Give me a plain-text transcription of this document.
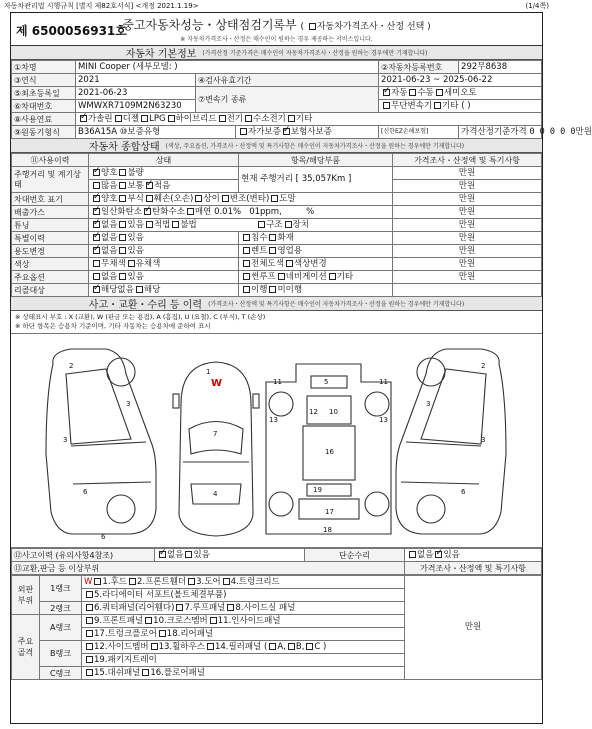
자동차관리법 시행규칙 [별지 제82호서식] <개정 2021.1.19>	(1/4쪽)
중고자동차성능・상태점검기록부 ( 자동차가격조사・산정 선택 )
제 6500056931호
※ 자동차가격조사・산정은 매수인이 원하는 경우 제공하는 서비스입니다.
자동차 기본정보 (가격산정 기준가격은 매수인이 자동차가격조사・산정을 원하는 경우에만 기재합니다)
①차명	MINI Cooper (세부모델: )			②자동차등록번호	292무8638
③연식	2021	④검사유효기간		2021-06-23 ~ 2025-06-22	
⑤최초등록일	2021-06-23	⑦변속기 종류	✓자동 수동 세미오토
⑥차대번호	WMWXR7109M2N63230			무단변속기 기타 ( )	
⑧사용연료	✓가솔린 디젤 LPG 하이브리드 전기 수소전기 기타
⑨원동기형식	B36A15A ⑩보증유형		자가보증 ✓ 보험사보증	[신한EZ손해보험]	가격산정기준가격 0 0 0 0 0만원
자동차 종합상태 (색상, 주요옵션, 가격조사・산정액 및 특기사항은 매수인이 자동차가격조사・산정을 원하는 경우에만 기재합니다)
⑪사용이력	상태	항목/해당부품	가격조사・산정액 및 특기사항
주행거리 및 계기상태	✓양호 불량	현재 주행거리 [ 35,057Km ]	만원
	많음 보통 ✓ 적음		만원
차대번호 표기	✓양호 부식 훼손(오손) 상이 변조(변타) 도말		만원
배출가스	✓일산화탄소 ✓ 탄화수소 매연 0.01% 01ppm, %		만원
튜닝	✓없음 있음 적법 불법 구조 장치		만원
특별이력	✓없음 있음	침수 화재	만원
용도변경	✓없음 있음	렌트 영업용	만원
색상	무채색 유채색	전체도색 색상변경	만원
주요옵션	없음 있음	썬루프 네비게이션 기타	만원
리콜대상	✓해당없음 해당	이행 미이행	
사고・교환・수리 등 이력 (가격조사・산정액 및 특기사항은 매수인이 자동차가격조사・산정을 원하는 경우에만 기재합니다)
※ 상태표시 부호 : X (교환), W (판금 또는 용접), A (흠집), U (요철), C (부식), T (손상)
※ 하단 항목은 승용차 기준이며, 기타 자동차는 승용차에 준하여 표시
2
3
3
6
6
1
7
4
5
12 10
16
19
17
18
11	11
13	13
2
3
3
6
W
⑫사고이력 (유의사항4참조)	✓없음 있음	단순수리	없음 ✓ 있음
⑬교환,판금 등 이상부위			가격조사・산정액 및 특기사항
외판 부위	1랭크	W 1.후드 2.프론트휀더 3.도어 4.트렁크리드	만원
		5.라디에이터 서포트(볼트체결부품)	
	2랭크	6.쿼터패널(리어휀다) 7.루프패널 8.사이드실 패널	
주요 골격	A랭크	9.프론트패널 10.크로스멤버 11.인사이드패널	
		17.트렁크플로어 18.리어패널	
	B랭크	12.사이드멤버 13.휠하우스 14.필러패널 ( A, B, C )	
		19.패키지트레이	
	C랭크	15.대쉬패널 16.플로어패널	
